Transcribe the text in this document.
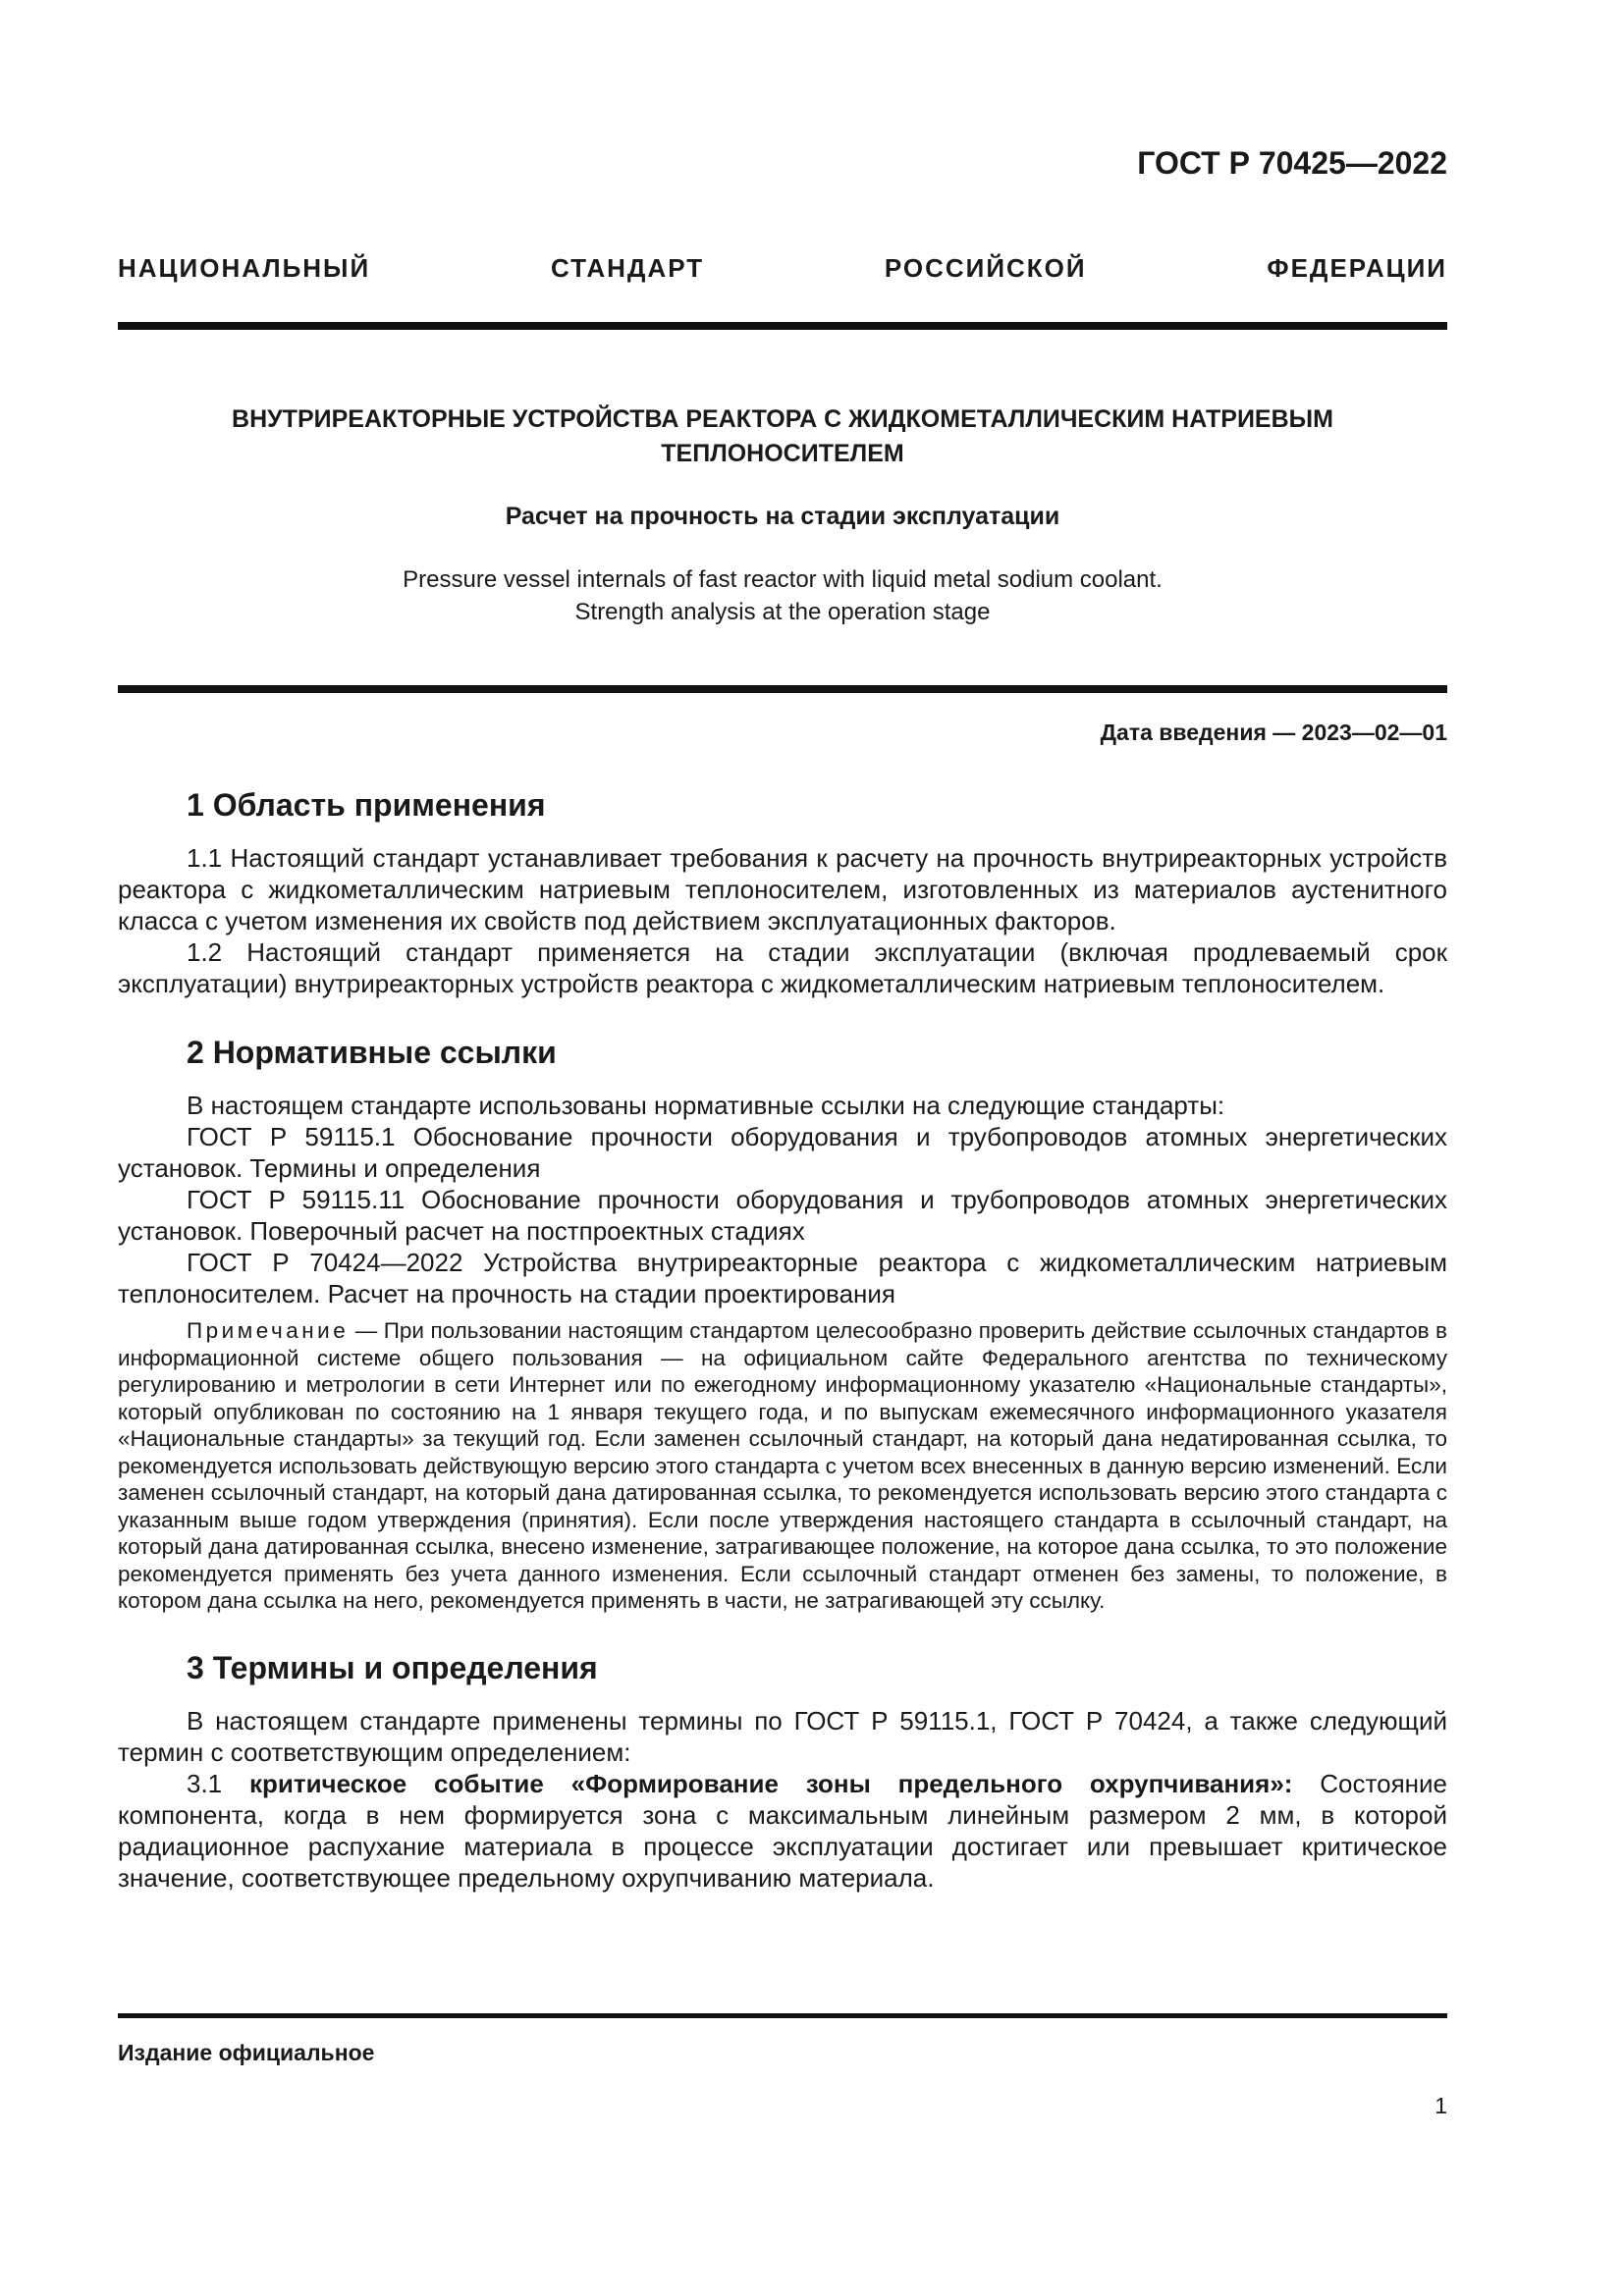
ГОСТ Р 70425—2022
НАЦИОНАЛЬНЫЙ СТАНДАРТ РОССИЙСКОЙ ФЕДЕРАЦИИ
ВНУТРИРЕАКТОРНЫЕ УСТРОЙСТВА РЕАКТОРА С ЖИДКОМЕТАЛЛИЧЕСКИМ НАТРИЕВЫМ
ТЕПЛОНОСИТЕЛЕМ
Расчет на прочность на стадии эксплуатации
Pressure vessel internals of fast reactor with liquid metal sodium coolant.
Strength analysis at the operation stage
Дата введения — 2023—02—01
1 Область применения

1.1 Настоящий стандарт устанавливает требования к расчету на прочность внутриреакторных устройств реактора с жидкометаллическим натриевым теплоносителем, изготовленных из материалов аустенитного класса с учетом изменения их свойств под действием эксплуатационных факторов.

1.2 Настоящий стандарт применяется на стадии эксплуатации (включая продлеваемый срок эксплуатации) внутриреакторных устройств реактора с жидкометаллическим натриевым теплоносителем.

2 Нормативные ссылки

В настоящем стандарте использованы нормативные ссылки на следующие стандарты:

ГОСТ Р 59115.1 Обоснование прочности оборудования и трубопроводов атомных энергетических установок. Термины и определения

ГОСТ Р 59115.11 Обоснование прочности оборудования и трубопроводов атомных энергетических установок. Поверочный расчет на постпроектных стадиях

ГОСТ Р 70424—2022 Устройства внутриреакторные реактора с жидкометаллическим натриевым теплоносителем. Расчет на прочность на стадии проектирования

Примечание — При пользовании настоящим стандартом целесообразно проверить действие ссылочных стандартов в информационной системе общего пользования — на официальном сайте Федерального агентства по техническому регулированию и метрологии в сети Интернет или по ежегодному информационному указателю «Национальные стандарты», который опубликован по состоянию на 1 января текущего года, и по выпускам ежемесячного информационного указателя «Национальные стандарты» за текущий год. Если заменен ссылочный стандарт, на который дана недатированная ссылка, то рекомендуется использовать действующую версию этого стандарта с учетом всех внесенных в данную версию изменений. Если заменен ссылочный стандарт, на который дана датированная ссылка, то рекомендуется использовать версию этого стандарта с указанным выше годом утверждения (принятия). Если после утверждения настоящего стандарта в ссылочный стандарт, на который дана датированная ссылка, внесено изменение, затрагивающее положение, на которое дана ссылка, то это положение рекомендуется применять без учета данного изменения. Если ссылочный стандарт отменен без замены, то положение, в котором дана ссылка на него, рекомендуется применять в части, не затрагивающей эту ссылку.

3 Термины и определения

В настоящем стандарте применены термины по ГОСТ Р 59115.1, ГОСТ Р 70424, а также следующий термин с соответствующим определением:

3.1 критическое событие «Формирование зоны предельного охрупчивания»: Состояние компонента, когда в нем формируется зона с максимальным линейным размером 2 мм, в которой радиационное распухание материала в процессе эксплуатации достигает или превышает критическое значение, соответствующее предельному охрупчиванию материала.

Издание официальное
1
